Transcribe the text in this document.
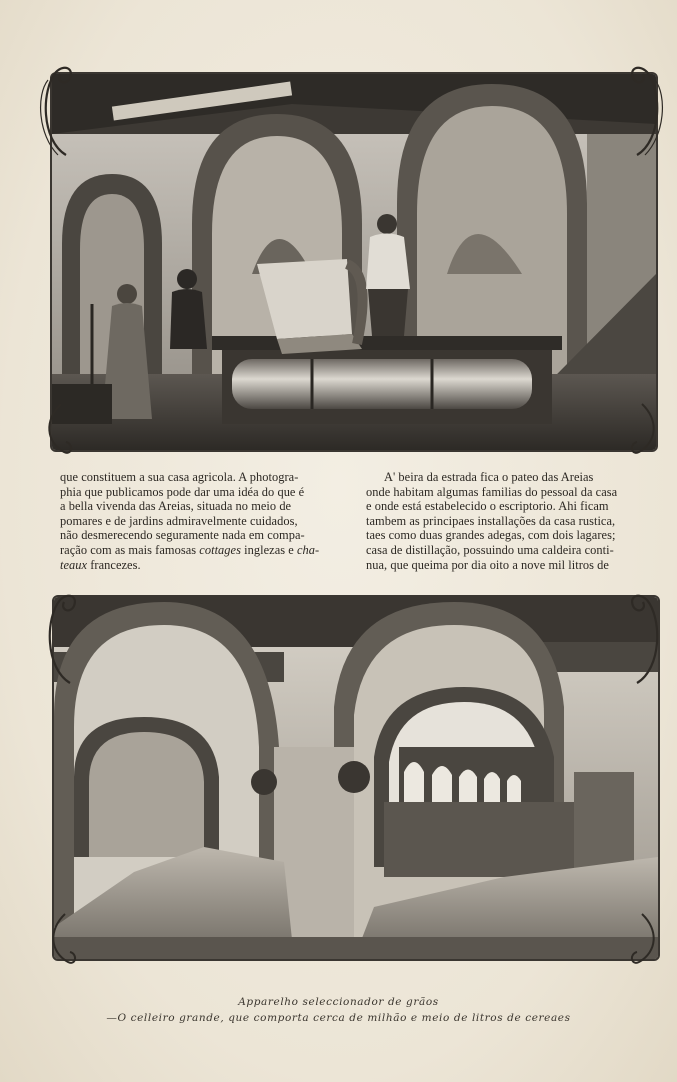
que constituem a sua casa agricola. A photogra-
phia que publicamos pode dar uma idéa do que é
a bella vivenda das Areias, situada no meio de
pomares e de jardins admiravelmente cuidados,
não desmerecendo seguramente nada em compa-
ração com as mais famosas cottages inglezas e cha-
teaux francezes.
A' beira da estrada fica o pateo das Areias
onde habitam algumas familias do pessoal da casa
e onde está estabelecido o escriptorio. Ahi ficam
tambem as principaes installações da casa rustica,
taes como duas grandes adegas, com dois lagares;
casa de distillação, possuindo uma caldeira conti-
nua, que queima por dia oito a nove mil litros de
Apparelho seleccionador de grãos
—O celleiro grande, que comporta cerca de milhão e meio de litros de cereaes
